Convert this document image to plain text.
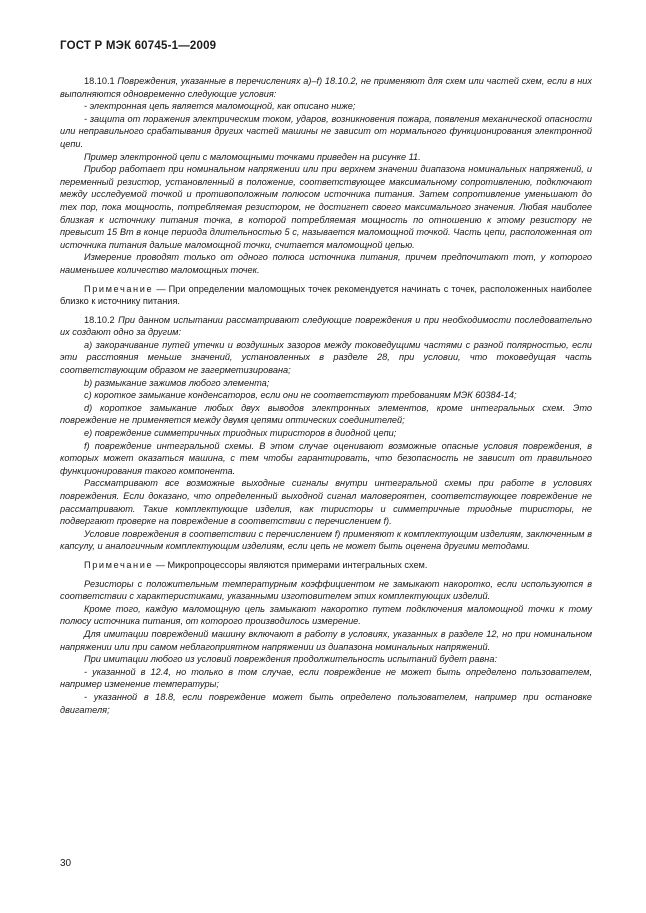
ГОСТ Р МЭК 60745-1—2009

18.10.1 Повреждения, указанные в перечислениях а)–f) 18.10.2, не применяют для схем или частей схем, если в них выполняются одновременно следующие условия:

- электронная цепь является маломощной, как описано ниже;

- защита от поражения электрическим током, ударов, возникновения пожара, появления механической опасности или неправильного срабатывания других частей машины не зависит от нормального функционирования электронной цепи.

Пример электронной цепи с маломощными точками приведен на рисунке 11.

Прибор работает при номинальном напряжении или при верхнем значении диапазона номинальных напряжений, и переменный резистор, установленный в положение, соответствующее максимальному сопротивлению, подключают между исследуемой точкой и противоположным полюсом источника питания. Затем сопротивление уменьшают до тех пор, пока мощность, потребляемая резистором, не достигнет своего максимального значения. Любая наиболее близкая к источнику питания точка, в которой потребляемая мощность по отношению к этому резистору не превысит 15 Вт в конце периода длительностью 5 с, называется маломощной точкой. Часть цепи, расположенная от источника питания дальше маломощной точки, считается маломощной цепью.

Измерение проводят только от одного полюса источника питания, причем предпочитают тот, у которого наименьшее количество маломощных точек.

Примечание — При определении маломощных точек рекомендуется начинать с точек, расположенных наиболее близко к источнику питания.

18.10.2 При данном испытании рассматривают следующие повреждения и при необходимости последовательно их создают одно за другим:

а) закорачивание путей утечки и воздушных зазоров между токоведущими частями с разной полярностью, если эти расстояния меньше значений, установленных в разделе 28, при условии, что токоведущая часть соответствующим образом не загерметизирована;

b) размыкание зажимов любого элемента;

с) короткое замыкание конденсаторов, если они не соответствуют требованиям МЭК 60384-14;

d) короткое замыкание любых двух выводов электронных элементов, кроме интегральных схем. Это повреждение не применяется между двумя цепями оптических соединителей;

е) повреждение симметричных триодных тиристоров в диодной цепи;

f) повреждение интегральной схемы. В этом случае оценивают возможные опасные условия повреждения, в которых может оказаться машина, с тем чтобы гарантировать, что безопасность не зависит от правильного функционирования такого компонента.

Рассматривают все возможные выходные сигналы внутри интегральной схемы при работе в условиях повреждения. Если доказано, что определенный выходной сигнал маловероятен, соответствующее повреждение не рассматривают. Такие комплектующие изделия, как тиристоры и симметричные триодные тиристоры, не подвергают проверке на повреждение в соответствии с перечислением f).

Условие повреждения в соответствии с перечислением f) применяют к комплектующим изделиям, заключенным в капсулу, и аналогичным комплектующим изделиям, если цепь не может быть оценена другими методами.

Примечание — Микропроцессоры являются примерами интегральных схем.

Резисторы с положительным температурным коэффициентом не замыкают накоротко, если используются в соответствии с характеристиками, указанными изготовителем этих комплектующих изделий.

Кроме того, каждую маломощную цепь замыкают накоротко путем подключения маломощной точки к тому полюсу источника питания, от которого производилось измерение.

Для имитации повреждений машину включают в работу в условиях, указанных в разделе 12, но при номинальном напряжении или при самом неблагоприятном напряжении из диапазона номинальных напряжений.

При имитации любого из условий повреждения продолжительность испытаний будет равна:

- указанной в 12.4, но только в том случае, если повреждение не может быть определено пользователем, например изменение температуры;

- указанной в 18.8, если повреждение может быть определено пользователем, например при остановке двигателя;

30
